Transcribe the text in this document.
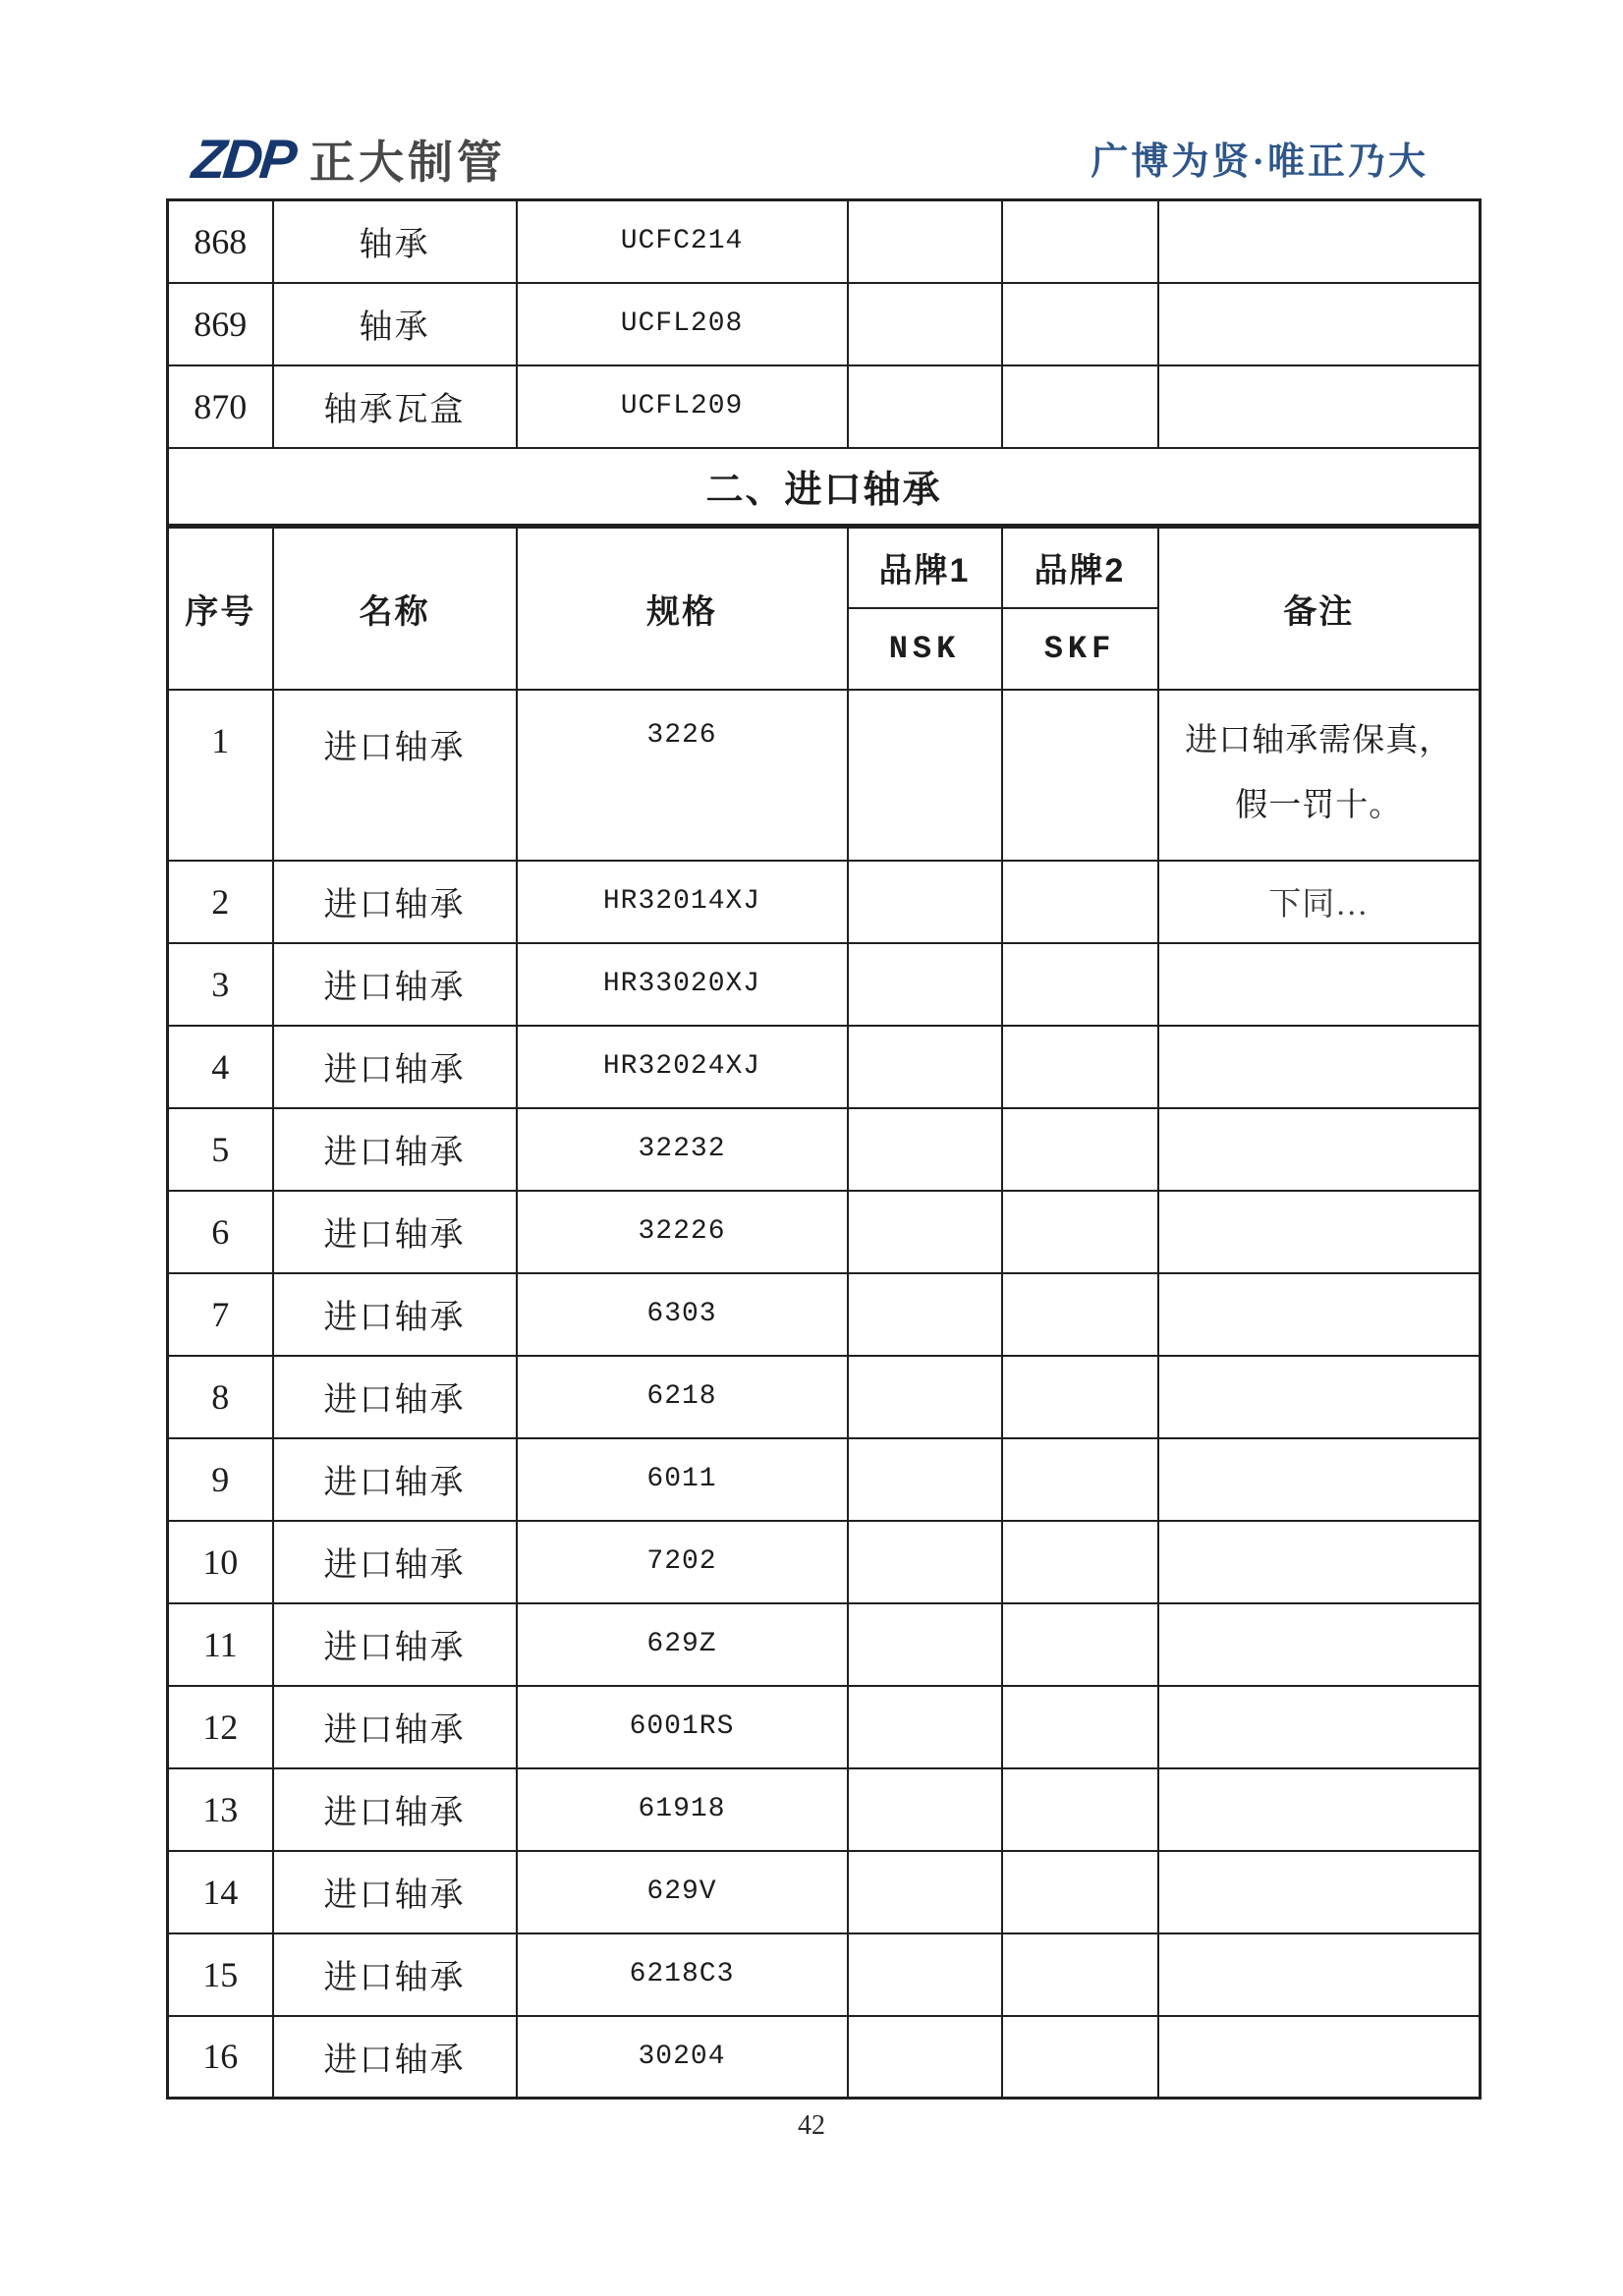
ZDP 正大制管	广博为贤·唯正乃大
868	轴承	UCFC214			
869	轴承	UCFL208			
870	轴承瓦盒	UCFL209			
二、进口轴承					
序号	名称	规格	品牌1	品牌2	备注
			NSK	SKF	
1	进口轴承	3226			进口轴承需保真，
假一罚十。

2	进口轴承	HR32014XJ			下同…
3	进口轴承	HR33020XJ			
4	进口轴承	HR32024XJ			
5	进口轴承	32232			
6	进口轴承	32226			
7	进口轴承	6303			
8	进口轴承	6218			
9	进口轴承	6011			
10	进口轴承	7202			
11	进口轴承	629Z			
12	进口轴承	6001RS			
13	进口轴承	61918			
14	进口轴承	629V			
15	进口轴承	6218C3			
16	进口轴承	30204			
42
